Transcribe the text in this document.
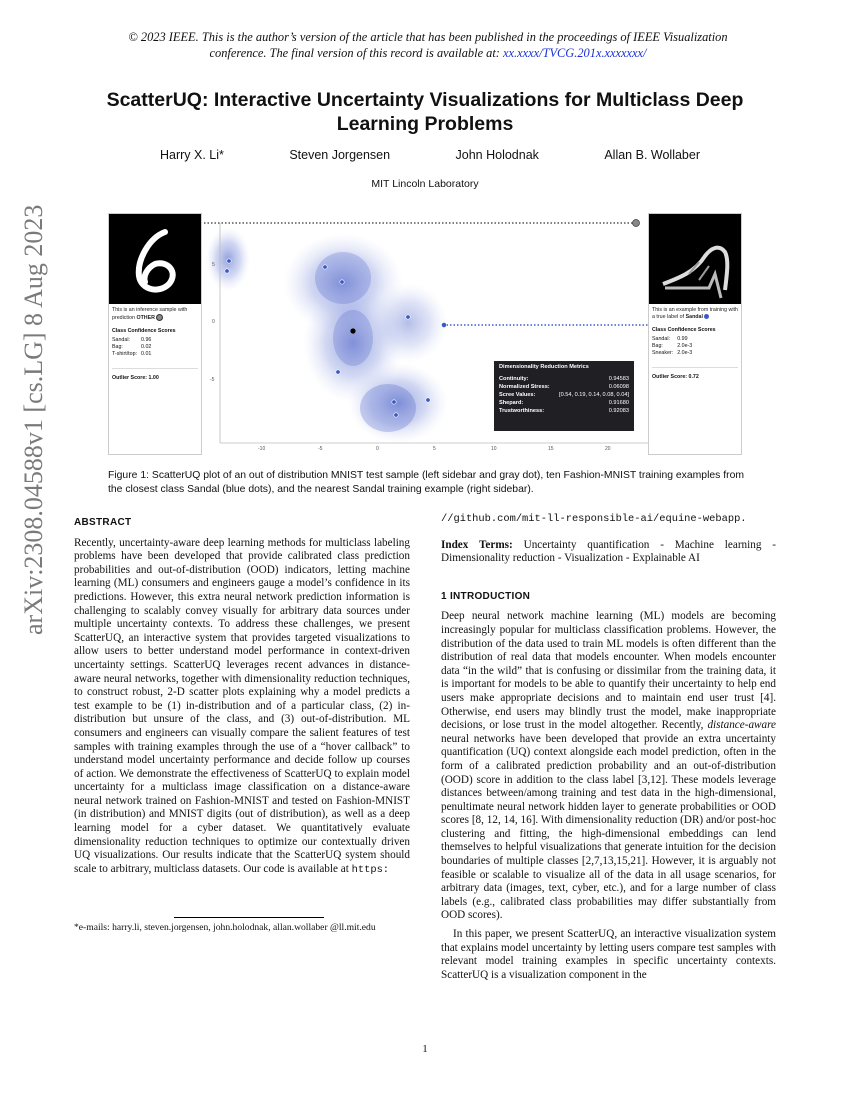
© 2023 IEEE. This is the author’s version of the article that has been published in the proceedings of IEEE Visualization conference. The final version of this record is available at: xx.xxxx/TVCG.201x.xxxxxxx/
ScatterUQ: Interactive Uncertainty Visualizations for Multiclass Deep Learning Problems
Harry X. Li*	Steven Jorgensen	John Holodnak	Allan B. Wollaber
MIT Lincoln Laboratory
arXiv:2308.04588v1 [cs.LG] 8 Aug 2023	5
0
-5
-10	-5	0	5	10	15	20
This is an inference sample with prediction OTHER
Class Confidence Scores
Sandal:	0.96
Bag:	0.02
T-shirt/top:	0.01
Outlier Score: 1.00
This is an example from training with a true label of Sandal
Class Confidence Scores
Sandal:	0.99
Bag:	2.0e-3
Sneaker:	2.0e-3
Outlier Score: 0.72
Dimensionality Reduction Metrics
Continuity:	0.94583
Normalized Stress:	0.06098
Scree Values:	[0.54, 0.19, 0.14, 0.08, 0.04]
Shepard:	0.91680
Trustworthiness:	0.92083
Figure 1: ScatterUQ plot of an out of distribution MNIST test sample (left sidebar and gray dot), ten Fashion-MNIST training examples from the closest class Sandal (blue dots), and the nearest Sandal training example (right sidebar).
ABSTRACT

Recently, uncertainty-aware deep learning methods for multiclass labeling problems have been developed that provide calibrated class prediction probabilities and out-of-distribution (OOD) indicators, letting machine learning (ML) consumers and engineers gauge a model’s confidence in its predictions. However, this extra neural network prediction information is challenging to scalably convey visually for arbitrary data sources under multiple uncertainty contexts. To address these challenges, we present ScatterUQ, an interactive system that provides targeted visualizations to allow users to better understand model performance in context-driven uncertainty settings. ScatterUQ leverages recent advances in distance-aware neural networks, together with dimensionality reduction techniques, to construct robust, 2-D scatter plots explaining why a model predicts a test example to be (1) in-distribution and of a particular class, (2) in-distribution but unsure of the class, and (3) out-of-distribution. ML consumers and engineers can visually compare the salient features of test samples with training examples through the use of a “hover callback” to understand model uncertainty performance and decide follow up courses of action. We demonstrate the effectiveness of ScatterUQ to explain model uncertainty for a multiclass image classification on a distance-aware neural network trained on Fashion-MNIST and tested on Fashion-MNIST (in distribution) and MNIST digits (out of distribution), as well as a deep learning model for a cyber dataset. We quantitatively evaluate dimensionality reduction techniques to optimize our contextually driven UQ visualizations. Our results indicate that the ScatterUQ system should scale to arbitrary, multiclass datasets. Our code is available at https:

*e-mails: harry.li, steven.jorgensen, john.holodnak, allan.wollaber @ll.mit.edu

//github.com/mit-ll-responsible-ai/equine-webapp.

Index Terms: Uncertainty quantification - Machine learning - Dimensionality reduction - Visualization - Explainable AI

1 INTRODUCTION

Deep neural network machine learning (ML) models are becoming increasingly popular for multiclass classification problems. However, the distribution of the data used to train ML models is often different than the distribution of real data that models encounter. When models encounter data “in the wild” that is confusing or dissimilar from the training data, it is important for models to be able to quantify their uncertainty to help end users make appropriate decisions and to maintain end user trust [4]. Otherwise, end users may blindly trust the model, make inappropriate decisions, or lose trust in the model altogether. Recently, distance-aware neural networks have been developed that provide an extra uncertainty quantification (UQ) context alongside each model prediction, often in the form of a calibrated prediction probability and an out-of-distribution (OOD) score in addition to the class label [3,12]. These models leverage distances between/among training and test data in the high-dimensional, penultimate neural network hidden layer to generate probabilities or OOD scores [8, 12, 14, 16]. With dimensionality reduction (DR) and/or post-hoc clustering and fitting, the high-dimensional embeddings can lend themselves to helpful visualizations that generate intuition for the decision boundaries of multiple classes [2,7,13,15,21]. However, it is arguably not feasible or scalable to visualize all of the data in all usage scenarios, for arbitrary data (images, text, cyber, etc.), and for a large number of class labels (e.g., calibrated class probabilities may differ substantially from OOD scores).

In this paper, we present ScatterUQ, an interactive visualization system that explains model uncertainty by letting users compare test samples with relevant model training examples in specific uncertainty contexts. ScatterUQ is a visualization component in the

1
